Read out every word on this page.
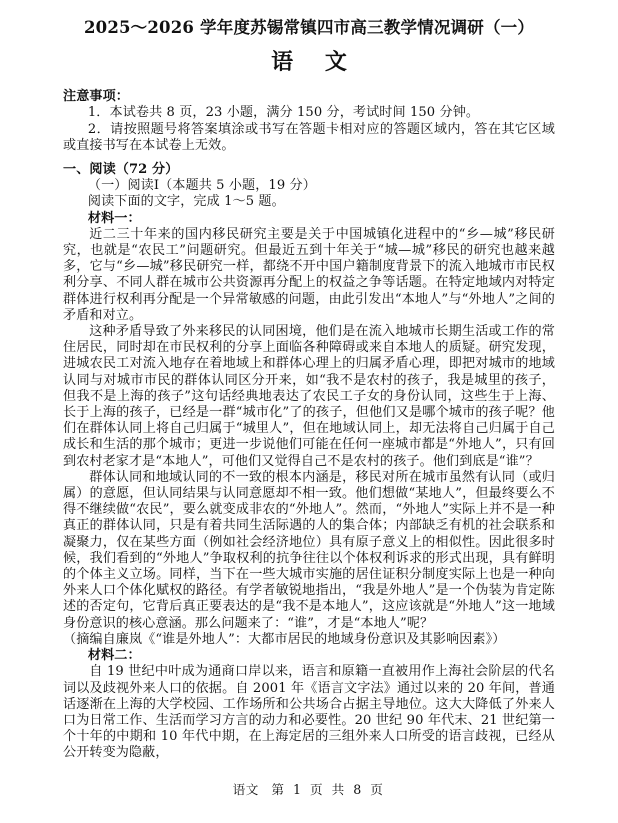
2025～2026 学年度苏锡常镇四市高三教学情况调研（一）
语 文

注意事项：

1．本试卷共 8 页，23 小题，满分 150 分，考试时间 150 分钟。

2．请按照题号将答案填涂或书写在答题卡相对应的答题区域内，答在其它区域或直接书写在本试卷上无效。

一、阅读（72 分）

（一）阅读Ⅰ（本题共 5 小题，19 分）

阅读下面的文字，完成 1～5 题。

材料一：

近二三十年来的国内移民研究主要是关于中国城镇化进程中的“乡—城”移民研究，也就是“农民工”问题研究。但最近五到十年关于“城—城”移民的研究也越来越多，它与“乡—城”移民研究一样，都绕不开中国户籍制度背景下的流入地城市市民权利分享、不同人群在城市公共资源再分配上的权益之争等话题。在特定地域内对特定群体进行权利再分配是一个异常敏感的问题，由此引发出“本地人”与“外地人”之间的矛盾和对立。

这种矛盾导致了外来移民的认同困境，他们是在流入地城市长期生活或工作的常住居民，同时却在市民权利的分享上面临各种障碍或来自本地人的质疑。研究发现，进城农民工对流入地存在着地域上和群体心理上的归属矛盾心理，即把对城市的地域认同与对城市市民的群体认同区分开来，如“我不是农村的孩子，我是城里的孩子，但我不是上海的孩子”这句话经典地表达了农民工子女的身份认同，这些生于上海、长于上海的孩子，已经是一群“城市化”了的孩子，但他们又是哪个城市的孩子呢？他们在群体认同上将自己归属于“城里人”，但在地域认同上，却无法将自己归属于自己成长和生活的那个城市；更进一步说他们可能在任何一座城市都是“外地人”，只有回到农村老家才是“本地人”，可他们又觉得自己不是农村的孩子。他们到底是“谁”？

群体认同和地域认同的不一致的根本内涵是，移民对所在城市虽然有认同（或归属）的意愿，但认同结果与认同意愿却不相一致。他们想做“某地人”，但最终要么不得不继续做“农民”，要么就变成非农的“外地人”。然而，“外地人”实际上并不是一种真正的群体认同，只是有着共同生活际遇的人的集合体；内部缺乏有机的社会联系和凝聚力，仅在某些方面（例如社会经济地位）具有原子意义上的相似性。因此很多时候，我们看到的“外地人”争取权利的抗争往往以个体权利诉求的形式出现，具有鲜明的个体主义立场。同样，当下在一些大城市实施的居住证积分制度实际上也是一种向外来人口个体化赋权的路径。有学者敏锐地指出，“我是外地人”是一个伪装为肯定陈述的否定句，它背后真正要表达的是“我不是本地人”，这应该就是“外地人”这一地域身份意识的核心意涵。那么问题来了：“谁”，才是“本地人”呢？

（摘编自廉岚《“谁是外地人”：大都市居民的地域身份意识及其影响因素》）

材料二：

自 19 世纪中叶成为通商口岸以来，语言和原籍一直被用作上海社会阶层的代名词以及歧视外来人口的依据。自 2001 年《语言文字法》通过以来的 20 年间，普通话逐渐在上海的大学校园、工作场所和公共场合占据主导地位。这大大降低了外来人口为日常工作、生活而学习方言的动力和必要性。20 世纪 90 年代末、21 世纪第一个十年的中期和 10 年代中期，在上海定居的三组外来人口所受的语言歧视，已经从公开转变为隐蔽，

语文 第 1 页 共 8 页
